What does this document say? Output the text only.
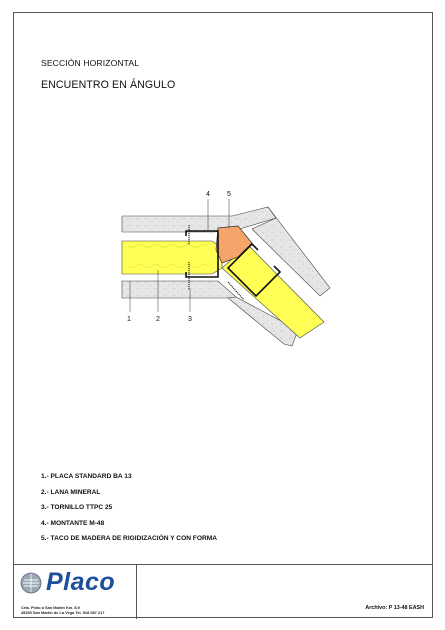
SECCIÓN HORIZONTAL
ENCUENTRO EN ÁNGULO
1	2	3
4 5
1.- PLACA STANDARD BA 13
2.- LANA MINERAL
3.- TORNILLO TTPC 25
4.- MONTANTE M-48
5.- TACO DE MADERA DE RIGIDIZACIÓN Y CON FORMA
Placo
Crta. Pinto a San Martín Km. 8,9
28330 San Martín de La Vega Tel. 918 087 217
Archivo: P 13-48 EASH
